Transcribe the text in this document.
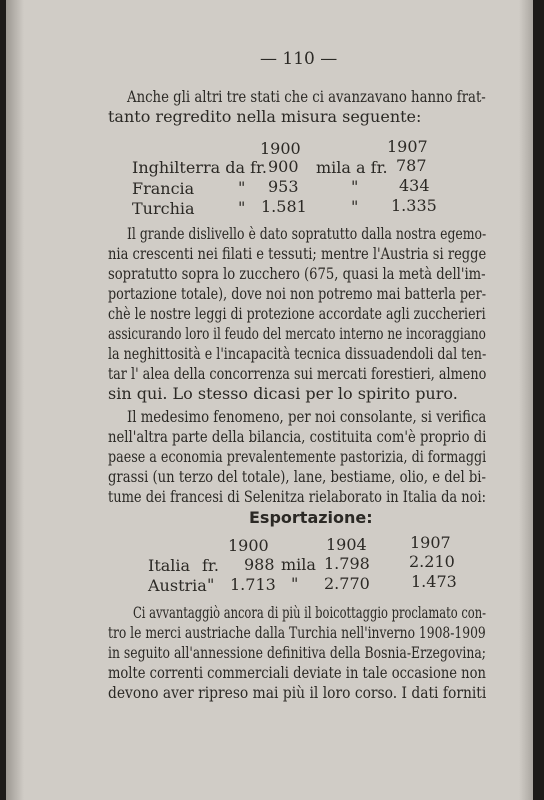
— 110 —
Anche gli altri tre stati che ci avanzavano hanno frat-
tanto regredito nella misura seguente:
1900	1907
Inghilterra da fr. 900 mila a fr. 787
Francia	" 953	"	434
Turchia	" 1.581	" 1.335
Il grande dislivello è dato sopratutto dalla nostra egemo-
nia crescenti nei filati e tessuti; mentre l'Austria si regge
sopratutto sopra lo zucchero (675, quasi la metà dell'im-
portazione totale), dove noi non potremo mai batterla per-
chè le nostre leggi di protezione accordate agli zuccherieri
assicurando loro il feudo del mercato interno ne incoraggiano
la neghittosità e l'incapacità tecnica dissuadendoli dal ten-
tar l' alea della concorrenza sui mercati forestieri, almeno
sin qui. Lo stesso dicasi per lo spirito puro.
Il medesimo fenomeno, per noi consolante, si verifica
nell'altra parte della bilancia, costituita com'è proprio di
paese a economia prevalentemente pastorizia, di formaggi
grassi (un terzo del totale), lane, bestiame, olio, e del bi-
tume dei francesi di Selenitza rielaborato in Italia da noi:
Esportazione:
1900	1904	1907
Italia fr. 988 mila 1.798 2.210
Austria " 1.713 " 2.770	1.473
Ci avvantaggiò ancora di più il boicottaggio proclamato con-
tro le merci austriache dalla Turchia nell'inverno 1908-1909
in seguito all'annessione definitiva della Bosnia-Erzegovina;
molte correnti commerciali deviate in tale occasione non
devono aver ripreso mai più il loro corso. I dati forniti
